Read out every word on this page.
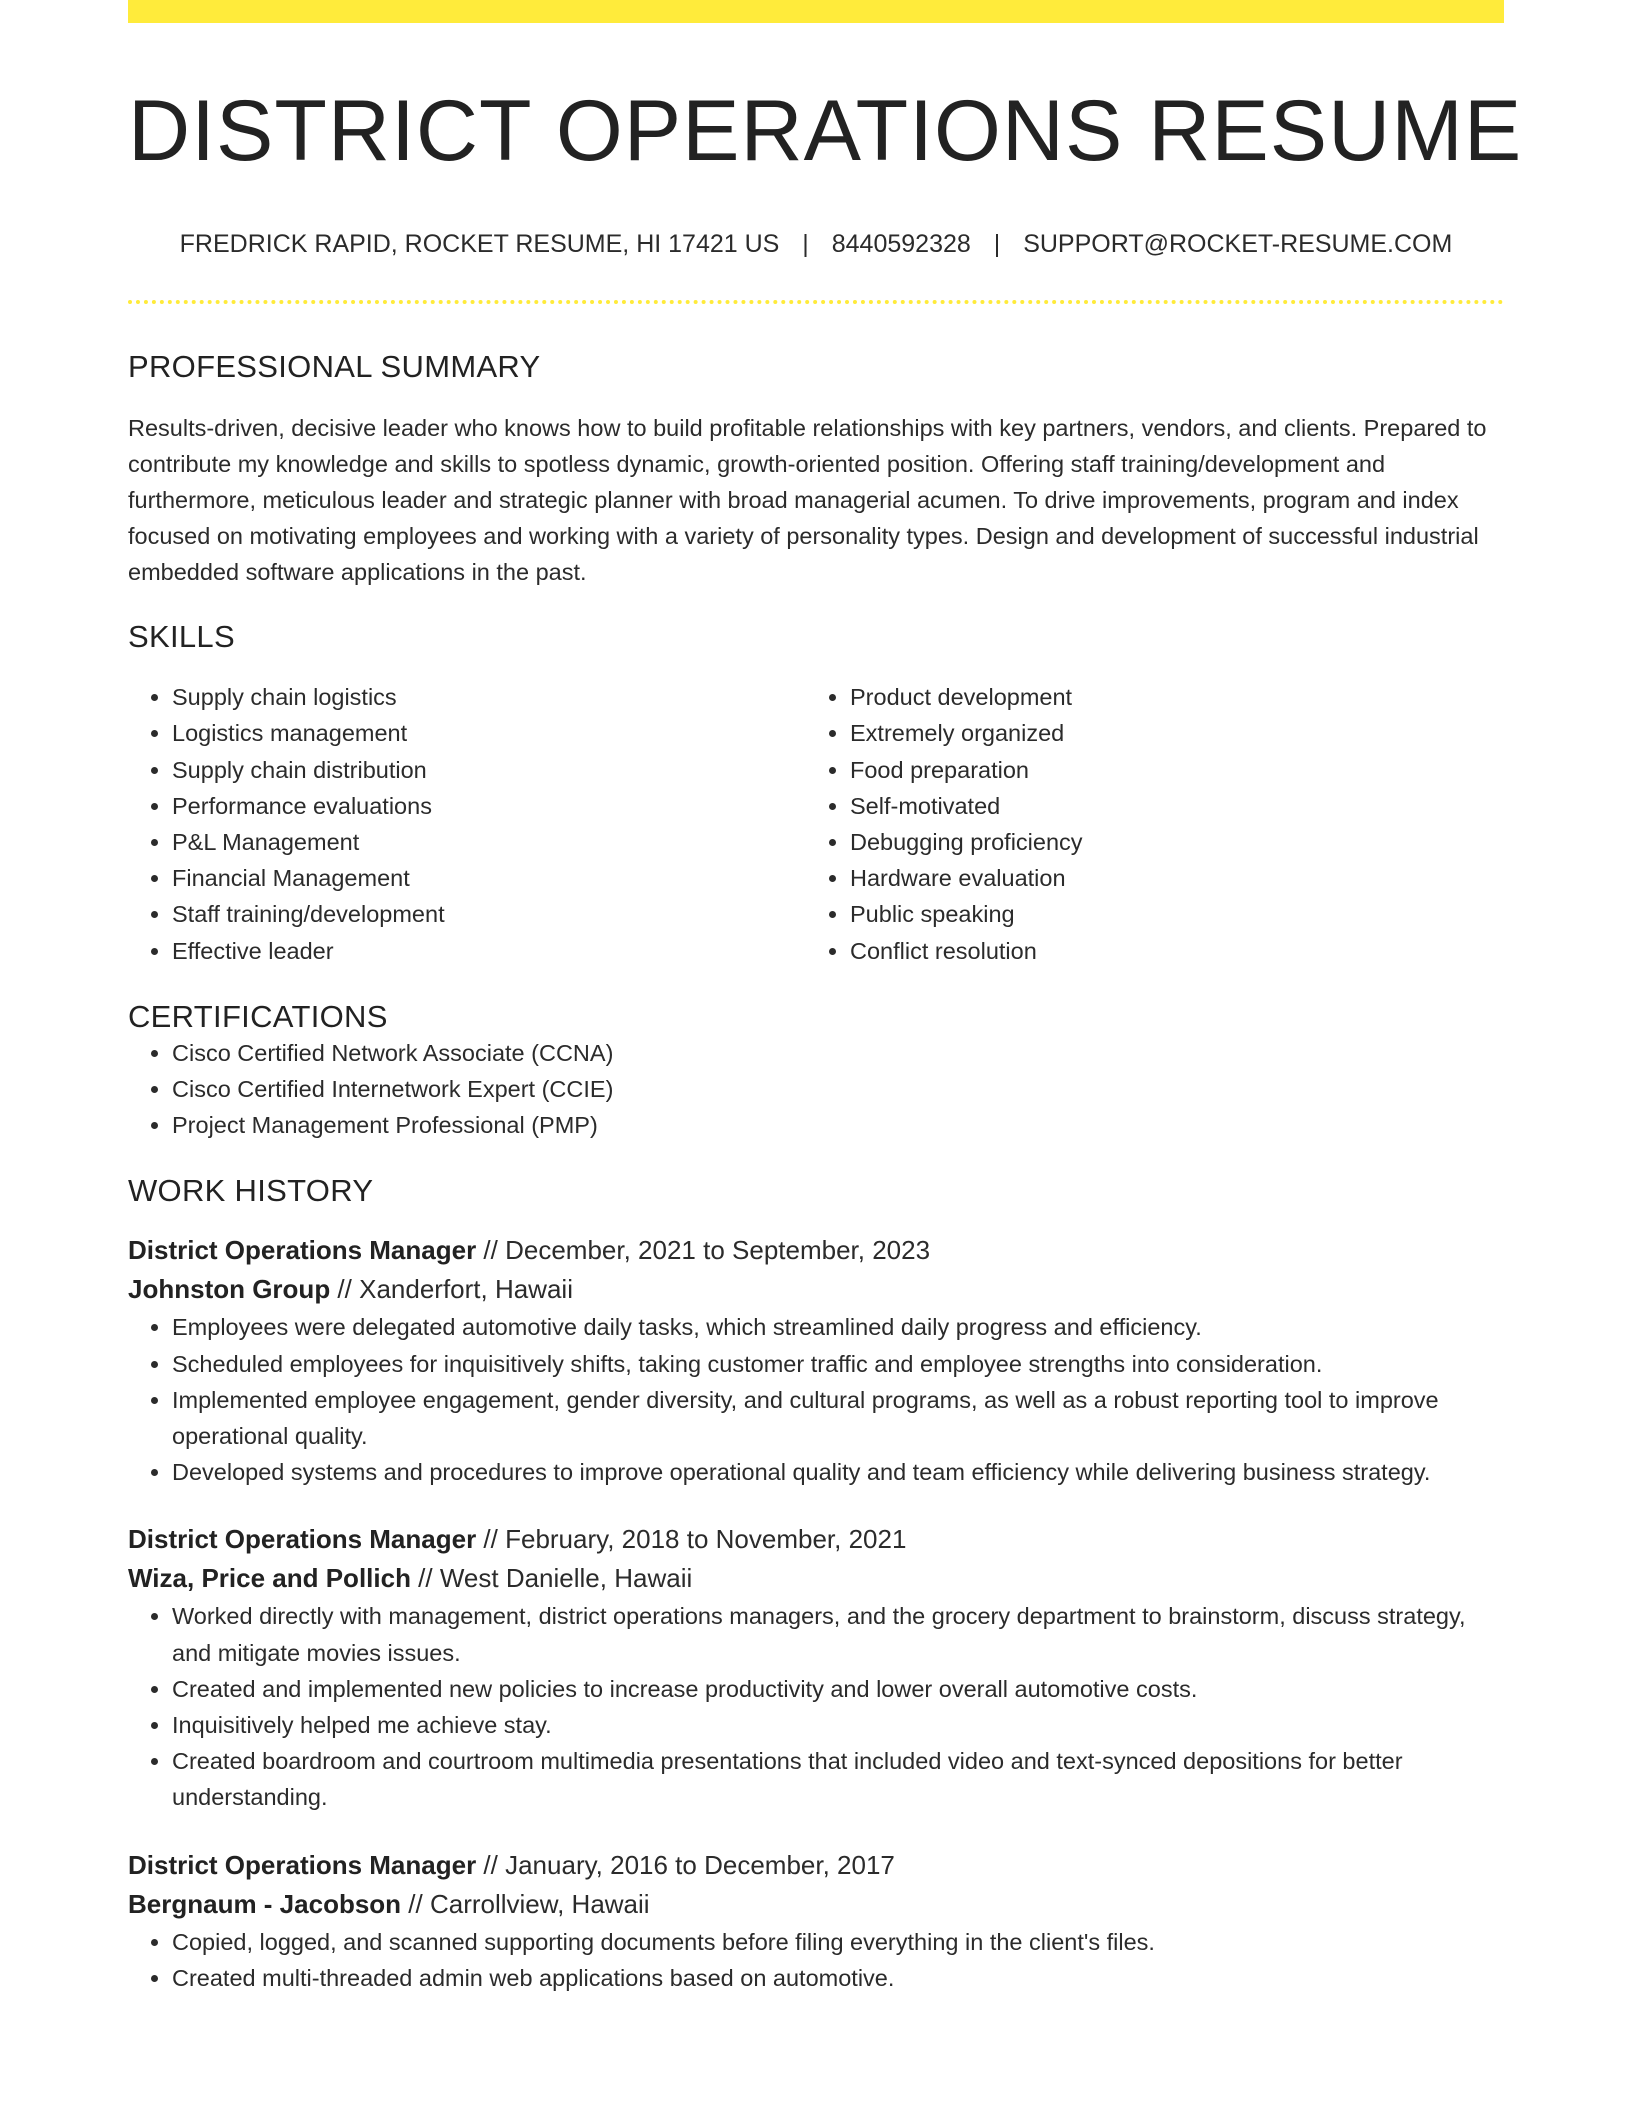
DISTRICT OPERATIONS RESUME
FREDRICK RAPID, ROCKET RESUME, HI 17421 US | 8440592328 | SUPPORT@ROCKET-RESUME.COM
PROFESSIONAL SUMMARY

Results-driven, decisive leader who knows how to build profitable relationships with key partners, vendors, and clients. Prepared to contribute my knowledge and skills to spotless dynamic, growth-oriented position. Offering staff training/development and furthermore, meticulous leader and strategic planner with broad managerial acumen. To drive improvements, program and index focused on motivating employees and working with a variety of personality types. Design and development of successful industrial embedded software applications in the past.

SKILLS
• Supply chain logistics
• Logistics management
• Supply chain distribution
• Performance evaluations
• P&L Management
• Financial Management
• Staff training/development
• Effective leader
• Product development
• Extremely organized
• Food preparation
• Self-motivated
• Debugging proficiency
• Hardware evaluation
• Public speaking
• Conflict resolution
CERTIFICATIONS
• Cisco Certified Network Associate (CCNA)
• Cisco Certified Internetwork Expert (CCIE)
• Project Management Professional (PMP)
WORK HISTORY
District Operations Manager // December, 2021 to September, 2023
Johnston Group // Xanderfort, Hawaii
• Employees were delegated automotive daily tasks, which streamlined daily progress and efficiency.
• Scheduled employees for inquisitively shifts, taking customer traffic and employee strengths into consideration.
• Implemented employee engagement, gender diversity, and cultural programs, as well as a robust reporting tool to improve operational quality.
• Developed systems and procedures to improve operational quality and team efficiency while delivering business strategy.
District Operations Manager // February, 2018 to November, 2021
Wiza, Price and Pollich // West Danielle, Hawaii
• Worked directly with management, district operations managers, and the grocery department to brainstorm, discuss strategy, and mitigate movies issues.
• Created and implemented new policies to increase productivity and lower overall automotive costs.
• Inquisitively helped me achieve stay.
• Created boardroom and courtroom multimedia presentations that included video and text-synced depositions for better understanding.
District Operations Manager // January, 2016 to December, 2017
Bergnaum - Jacobson // Carrollview, Hawaii
• Copied, logged, and scanned supporting documents before filing everything in the client's files.
• Created multi-threaded admin web applications based on automotive.
